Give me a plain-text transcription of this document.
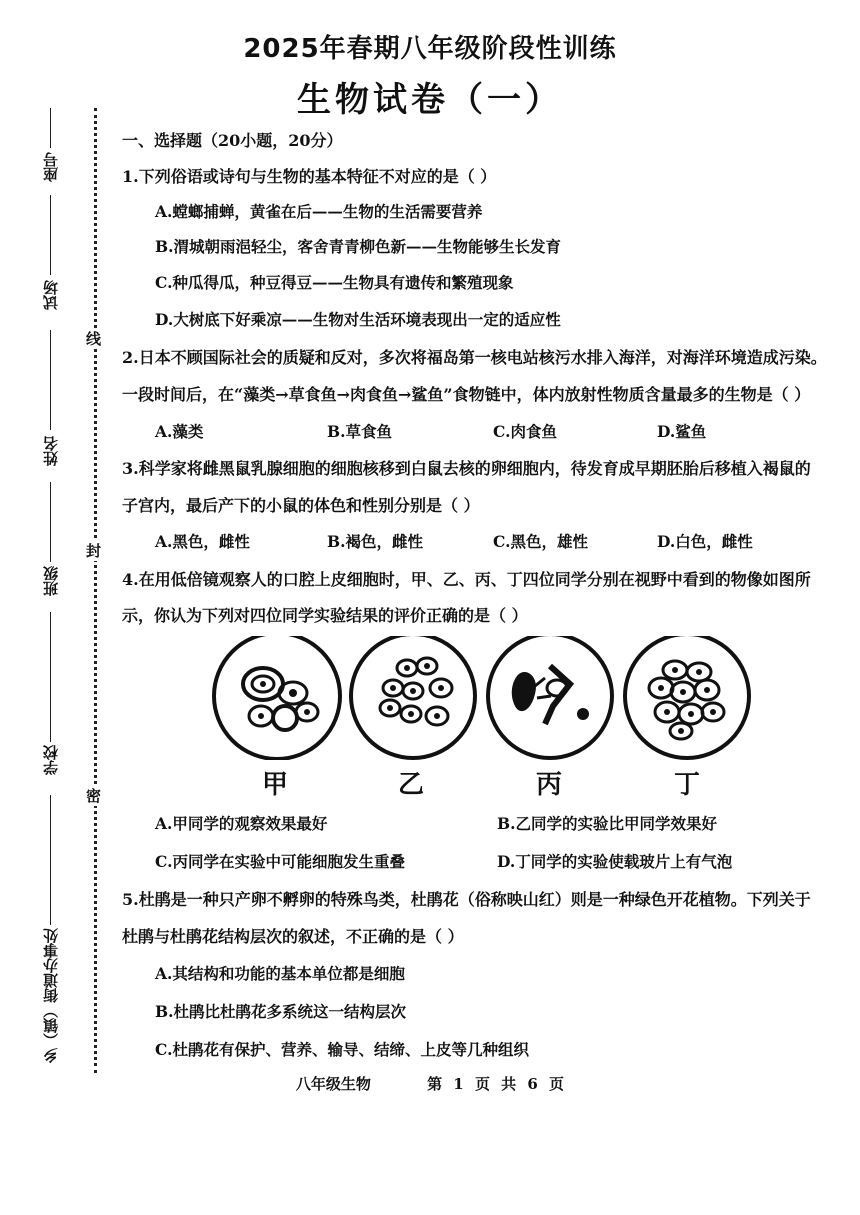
2025年春期八年级阶段性训练
生物试卷（一）
线
封
密
座号
试场
姓名
班级
学校
乡（镇）街道办事处
一、选择题（20小题，20分）
1.下列俗语或诗句与生物的基本特征不对应的是（ ）
A.螳螂捕蝉，黄雀在后——生物的生活需要营养
B.渭城朝雨浥轻尘，客舍青青柳色新——生物能够生长发育
C.种瓜得瓜，种豆得豆——生物具有遗传和繁殖现象
D.大树底下好乘凉——生物对生活环境表现出一定的适应性
2.日本不顾国际社会的质疑和反对，多次将福岛第一核电站核污水排入海洋，对海洋环境造成污染。
一段时间后，在“藻类→草食鱼→肉食鱼→鲨鱼”食物链中，体内放射性物质含量最多的生物是（ ）
A.藻类	B.草食鱼	C.肉食鱼	D.鲨鱼
3.科学家将雌黑鼠乳腺细胞的细胞核移到白鼠去核的卵细胞内，待发育成早期胚胎后移植入褐鼠的
子宫内，最后产下的小鼠的体色和性别分别是（ ）
A.黑色，雌性	B.褐色，雌性	C.黑色，雄性	D.白色，雌性
4.在用低倍镜观察人的口腔上皮细胞时，甲、乙、丙、丁四位同学分别在视野中看到的物像如图所
示，你认为下列对四位同学实验结果的评价正确的是（ ）
甲	乙	丙	丁
A.甲同学的观察效果最好	B.乙同学的实验比甲同学效果好
C.丙同学在实验中可能细胞发生重叠	D.丁同学的实验使载玻片上有气泡
5.杜鹃是一种只产卵不孵卵的特殊鸟类，杜鹃花（俗称映山红）则是一种绿色开花植物。下列关于
杜鹃与杜鹃花结构层次的叙述，不正确的是（ ）
A.其结构和功能的基本单位都是细胞
B.杜鹃比杜鹃花多系统这一结构层次
C.杜鹃花有保护、营养、输导、结缔、上皮等几种组织
八年级生物	第 1 页 共 6 页
